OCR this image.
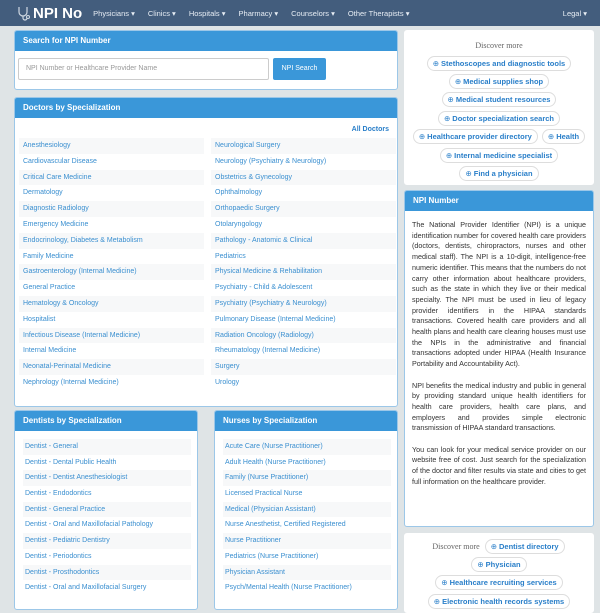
NPI No Physicians ▾ Clinics ▾ Hospitals ▾ Pharmacy ▾ Counselors ▾ Other Therapists ▾	Legal ▾
Search for NPI Number
NPI Number or Healthcare Provider Name	NPI Search
Doctors by Specialization
All Doctors
Anesthesiology
Cardiovascular Disease
Critical Care Medicine
Dermatology
Diagnostic Radiology
Emergency Medicine
Endocrinology, Diabetes & Metabolism
Family Medicine
Gastroenterology (Internal Medicine)
General Practice
Hematology & Oncology
Hospitalist
Infectious Disease (Internal Medicine)
Internal Medicine
Neonatal-Perinatal Medicine
Nephrology (Internal Medicine)
Neurological Surgery
Neurology (Psychiatry & Neurology)
Obstetrics & Gynecology
Ophthalmology
Orthopaedic Surgery
Otolaryngology
Pathology - Anatomic & Clinical
Pediatrics
Physical Medicine & Rehabilitation
Psychiatry - Child & Adolescent
Psychiatry (Psychiatry & Neurology)
Pulmonary Disease (Internal Medicine)
Radiation Oncology (Radiology)
Rheumatology (Internal Medicine)
Surgery
Urology
Dentists by Specialization
Dentist - General
Dentist - Dental Public Health
Dentist - Dentist Anesthesiologist
Dentist - Endodontics
Dentist - General Practice
Dentist - Oral and Maxillofacial Pathology
Dentist - Pediatric Dentistry
Dentist - Periodontics
Dentist - Prosthodontics
Dentist - Oral and Maxillofacial Surgery
Nurses by Specialization
Acute Care (Nurse Practitioner)
Adult Health (Nurse Practitioner)
Family (Nurse Practitioner)
Licensed Practical Nurse
Medical (Physician Assistant)
Nurse Anesthetist, Certified Registered
Nurse Practitioner
Pediatrics (Nurse Practitioner)
Physician Assistant
Psych/Mental Health (Nurse Practitioner)
Discover more
⊕ Stethoscopes and diagnostic tools ⊕ Medical supplies shop ⊕ Medical student resources ⊕ Doctor specialization search ⊕ Healthcare provider directory ⊕ Health ⊕ Internal medicine specialist ⊕ Find a physician
NPI Number

The National Provider Identifier (NPI) is a unique identification number for covered health care providers (doctors, dentists, chiropractors, nurses and other medical staff). The NPI is a 10-digit, intelligence-free numeric identifier. This means that the numbers do not carry other information about healthcare providers, such as the state in which they live or their medical specialty. The NPI must be used in lieu of legacy provider identifiers in the HIPAA standards transactions. Covered health care providers and all health plans and health care clearing houses must use the NPIs in the administrative and financial transactions adopted under HIPAA (Health Insurance Portability and Accountability Act).

NPI benefits the medical industry and public in general by providing standard unique health identifiers for health care providers, health care plans, and employers and provides simple electronic transmission of HIPAA standard transactions.

You can look for your medical service provider on our website free of cost. Just search for the specialization of the doctor and filter results via state and cities to get full information on the healthcare provider.

Discover more ⊕ Dentist directory ⊕ Physician ⊕ Healthcare recruiting services ⊕ Electronic health records systems
